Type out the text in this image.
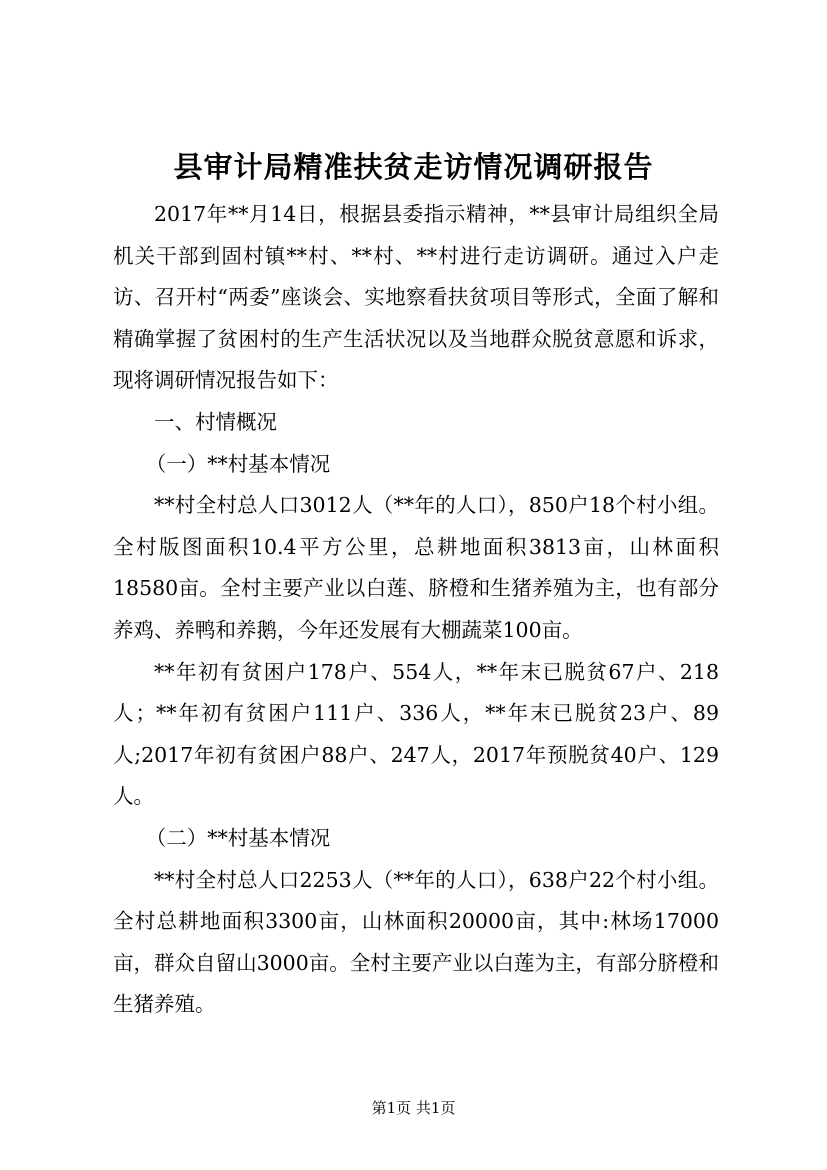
县审计局精准扶贫走访情况调研报告

2017年**月14日，根据县委指示精神，**县审计局组织全局机关干部到固村镇**村、**村、**村进行走访调研。通过入户走访、召开村“两委”座谈会、实地察看扶贫项目等形式，全面了解和精确掌握了贫困村的生产生活状况以及当地群众脱贫意愿和诉求，现将调研情况报告如下：

一、村情概况

（一）**村基本情况

**村全村总人口3012人（**年的人口），850户18个村小组。全村版图面积10.4平方公里，总耕地面积3813亩，山林面积18580亩。全村主要产业以白莲、脐橙和生猪养殖为主，也有部分养鸡、养鸭和养鹅，今年还发展有大棚蔬菜100亩。

**年初有贫困户178户、554人，**年末已脱贫67户、218人；**年初有贫困户111户、336人，**年末已脱贫23户、89人;2017年初有贫困户88户、247人，2017年预脱贫40户、129人。

（二）**村基本情况

**村全村总人口2253人（**年的人口），638户22个村小组。全村总耕地面积3300亩，山林面积20000亩，其中:林场17000亩，群众自留山3000亩。全村主要产业以白莲为主，有部分脐橙和生猪养殖。

第1页 共1页
